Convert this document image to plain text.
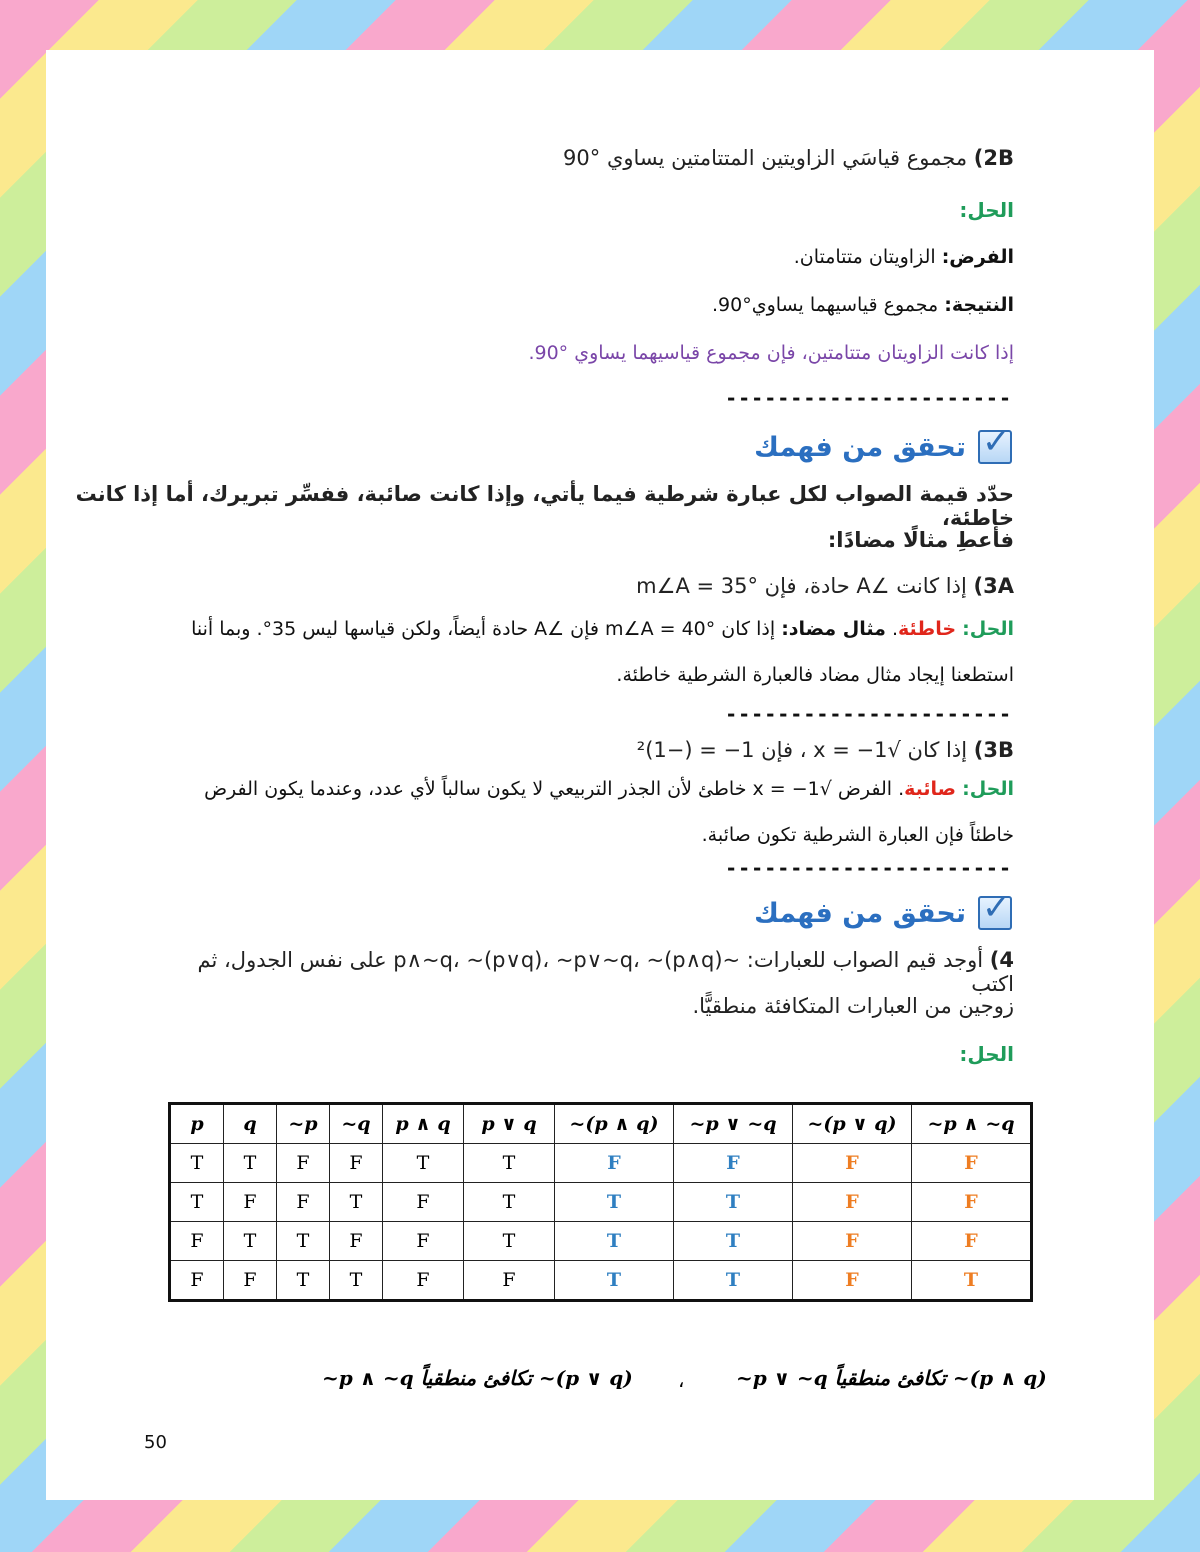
2B) مجموع قياسَي الزاويتين المتتامتين يساوي °90
الحل:
الفرض: الزاويتان متتامتان.
النتيجة: مجموع قياسيهما يساوي°90.
إذا كانت الزاويتان متتامتين، فإن مجموع قياسيهما يساوي °90.
----------------------
✓
تحقق من فهمك
حدّد قيمة الصواب لكل عبارة شرطية فيما يأتي، وإذا كانت صائبة، ففسِّر تبريرك، أما إذا كانت خاطئة،
فأعطِ مثالًا مضادًا:
3A) إذا كانت ∠A حادة، فإن m∠A = 35°
الحل: خاطئة. مثال مضاد: إذا كان m∠A = 40° فإن ∠A حادة أيضاً، ولكن قياسها ليس 35°. وبما أننا
استطعنا إيجاد مثال مضاد فالعبارة الشرطية خاطئة.
----------------------
3B) إذا كان √x = −1 ، فإن 1− = (−1)²
الحل: صائبة. الفرض √x = −1 خاطئ لأن الجذر التربيعي لا يكون سالباً لأي عدد، وعندما يكون الفرض
خاطئاً فإن العبارة الشرطية تكون صائبة.
----------------------
✓
تحقق من فهمك
4) أوجد قيم الصواب للعبارات: ~p∧~q، ~(p∨q)، ~p∨~q، ~(p∧q) على نفس الجدول، ثم اكتب
زوجين من العبارات المتكافئة منطقيًّا.
الحل:
p	q	~p	~q	p ∧ q	p ∨ q	~(p ∧ q)	~p ∨ ~q	~(p ∨ q)	~p ∧ ~q
T	T	F	F	T	T	F	F	F	F
T	F	F	T	F	T	T	T	F	F
F	T	T	F	F	T	T	T	F	F
F	F	T	T	F	F	T	T	F	T
~p ∧ ~q تكافئ منطقياً ~(p ∨ q) ،	~p ∨ ~q تكافئ منطقياً ~(p ∧ q)
50
